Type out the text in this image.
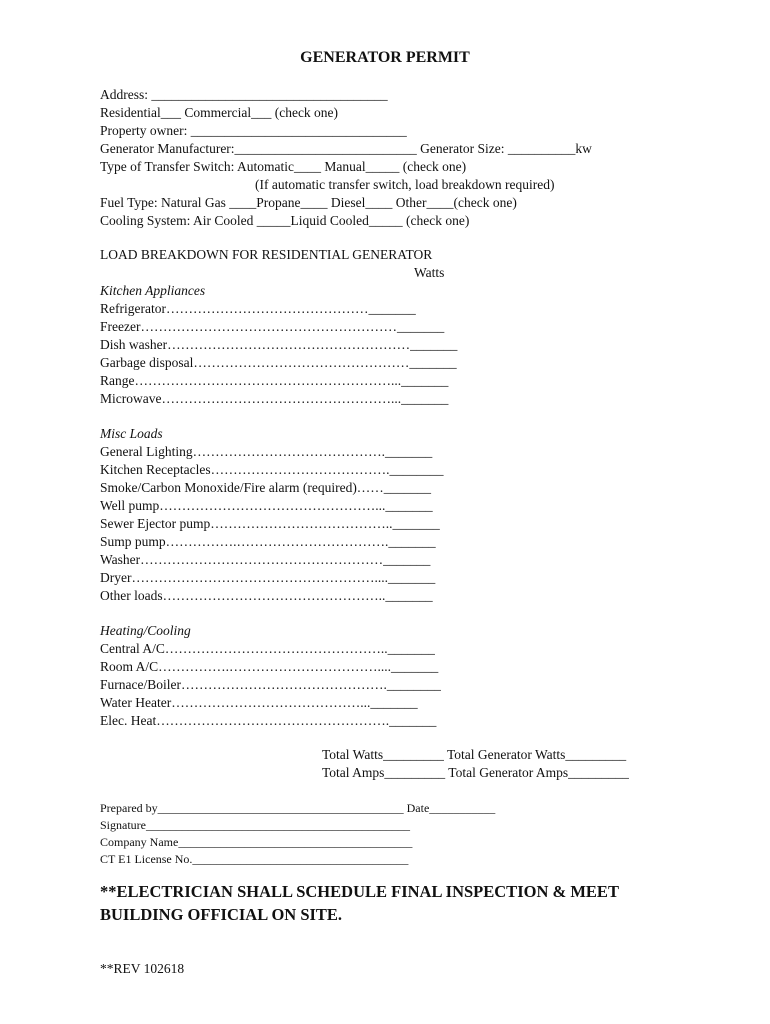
GENERATOR PERMIT
Address: ___________________________________
Residential___ Commercial___ (check one)
Property owner: ________________________________
Generator Manufacturer:___________________________ Generator Size: __________kw
Type of Transfer Switch: Automatic____ Manual_____ (check one)
(If automatic transfer switch, load breakdown required)
Fuel Type: Natural Gas ____Propane____ Diesel____ Other____(check one)
Cooling System: Air Cooled _____Liquid Cooled_____ (check one)
LOAD BREAKDOWN FOR RESIDENTIAL GENERATOR
Watts
Kitchen Appliances
Refrigerator………………………………………_______
Freezer…………………………………………………_______
Dish washer………………………………………………_______
Garbage disposal…………………………………………_______
Range…………………………………………………..._______
Microwave……………………………………………..._______
Misc Loads
General Lighting……………………………………._______
Kitchen Receptacles………………………………….________
Smoke/Carbon Monoxide/Fire alarm (required)……_______
Well pump…………………………………………..._______
Sewer Ejector pump………………………………….._______
Sump pump…………….……………………………._______
Washer………………………………………………_______
Dryer………………………………………………...._______
Other loads………………………………………….._______
Heating/Cooling
Central A/C………………………………………….._______
Room A/C…………….……………………………...._______
Furnace/Boiler……………………………………….________
Water Heater……………………………………..._______
Elec. Heat……………………………………………._______
Total Watts_________ Total Generator Watts_________
Total Amps_________ Total Generator Amps_________
Prepared by_________________________________________ Date___________
Signature____________________________________________
Company Name_______________________________________
CT E1 License No.____________________________________
**ELECTRICIAN SHALL SCHEDULE FINAL INSPECTION & MEET
BUILDING OFFICIAL ON SITE.
**REV 102618
